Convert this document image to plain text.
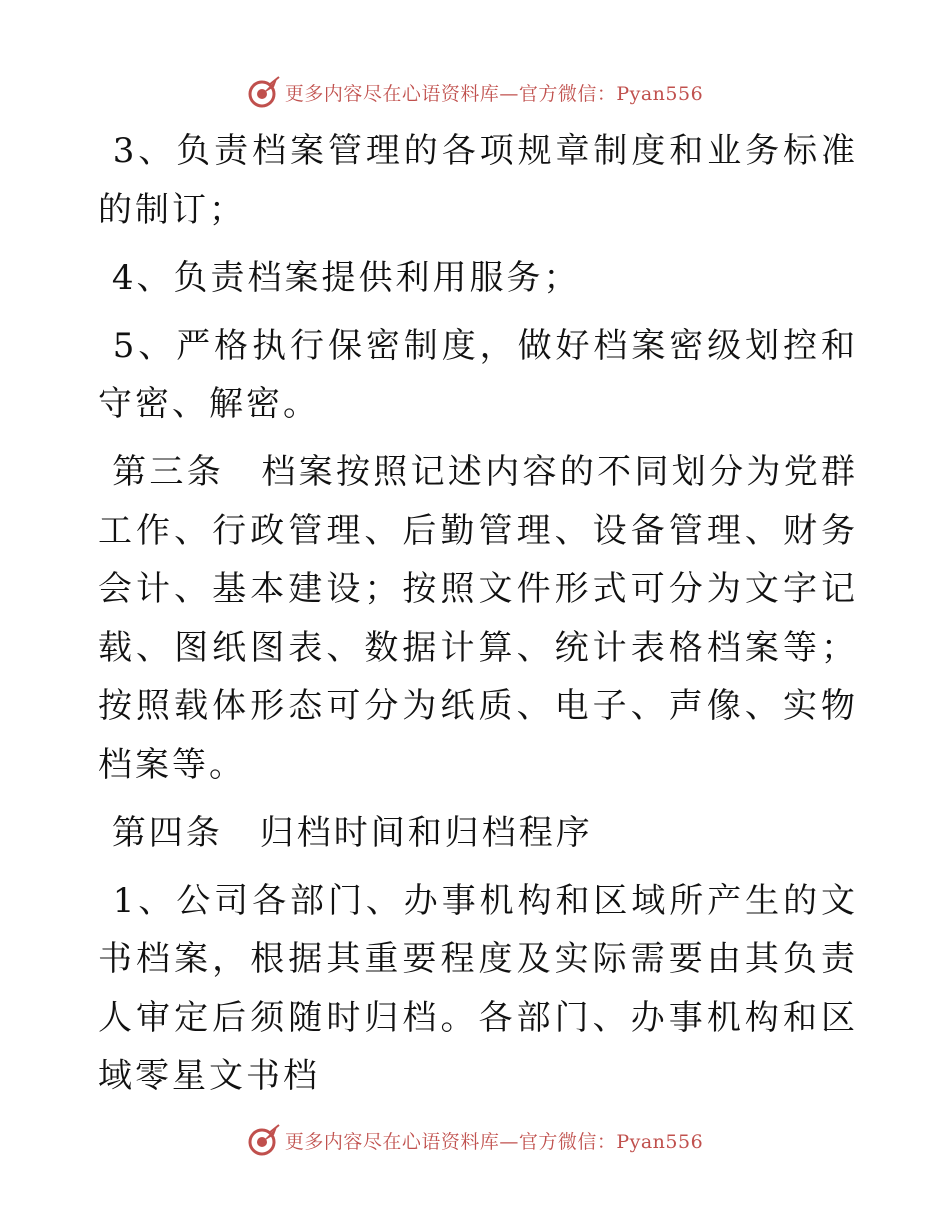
更多内容尽在心语资料库—官方微信：Pyan556

3、负责档案管理的各项规章制度和业务标准的制订；

4、负责档案提供利用服务；

5、严格执行保密制度，做好档案密级划控和守密、解密。

第三条　档案按照记述内容的不同划分为党群工作、行政管理、后勤管理、设备管理、财务会计、基本建设；按照文件形式可分为文字记载、图纸图表、数据计算、统计表格档案等；按照载体形态可分为纸质、电子、声像、实物档案等。

第四条　归档时间和归档程序

1、公司各部门、办事机构和区域所产生的文书档案，根据其重要程度及实际需要由其负责人审定后须随时归档。各部门、办事机构和区域零星文书档

更多内容尽在心语资料库—官方微信：Pyan556
